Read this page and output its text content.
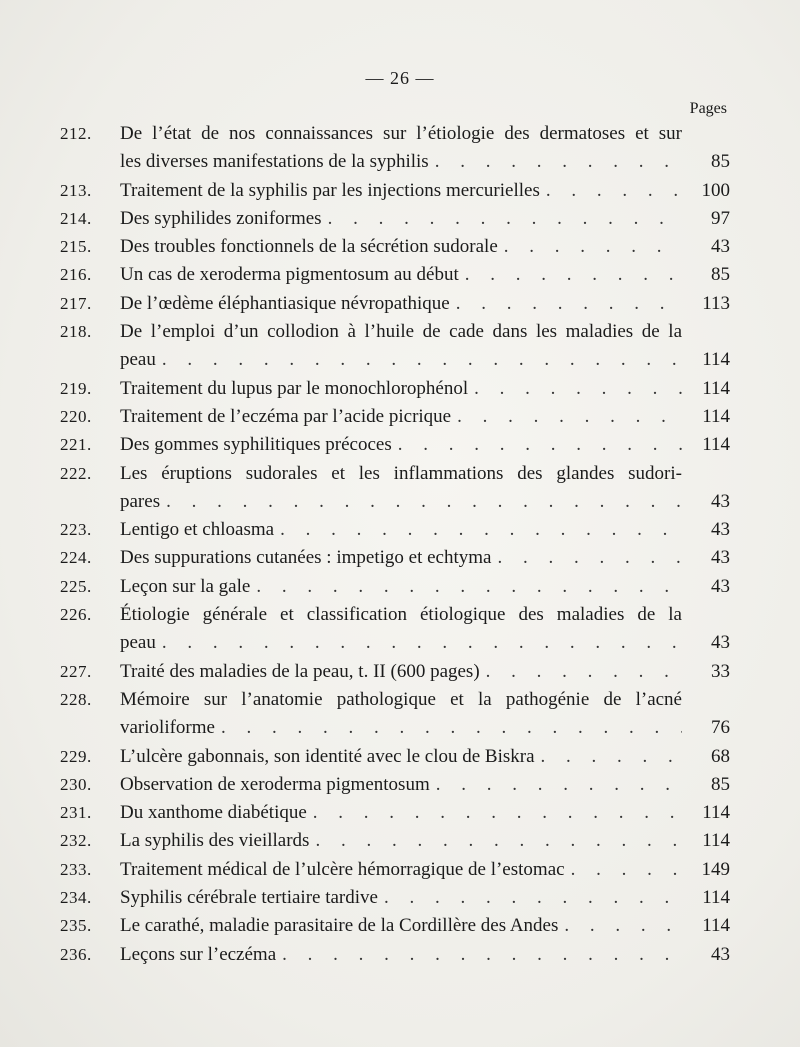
— 26 —
Pages
212.	De l’état de nos connaissances sur l’étiologie des dermatoses et sur
les diverses manifestations de la syphilis . . .	85
213.	Traitement de la syphilis par les injections mercurielles . . .	100
214.	Des syphilides zoniformes . . .	97
215.	Des troubles fonctionnels de la sécrétion sudorale . . .	43
216.	Un cas de xeroderma pigmentosum au début . . .	85
217.	De l’œdème éléphantiasique névropathique . . .	113
218.	De l’emploi d’un collodion à l’huile de cade dans les maladies de la
peau . . .	114
219.	Traitement du lupus par le monochlorophénol . . .	114
220.	Traitement de l’eczéma par l’acide picrique . . .	114
221.	Des gommes syphilitiques précoces . . .	114
222.	Les éruptions sudorales et les inflammations des glandes sudori-
pares . . .	43
223.	Lentigo et chloasma . . .	43
224.	Des suppurations cutanées : impetigo et echtyma . . .	43
225.	Leçon sur la gale . . .	43
226.	Étiologie générale et classification étiologique des maladies de la
peau . . .	43
227.	Traité des maladies de la peau, t. II (600 pages) . . .	33
228.	Mémoire sur l’anatomie pathologique et la pathogénie de l’acné
varioliforme . . .	76
229.	L’ulcère gabonnais, son identité avec le clou de Biskra . . .	68
230.	Observation de xeroderma pigmentosum . . .	85
231.	Du xanthome diabétique . . .	114
232.	La syphilis des vieillards . . .	114
233.	Traitement médical de l’ulcère hémorragique de l’estomac . . .	149
234.	Syphilis cérébrale tertiaire tardive . . .	114
235.	Le carathé, maladie parasitaire de la Cordillère des Andes . . .	114
236.	Leçons sur l’eczéma . . .	43
